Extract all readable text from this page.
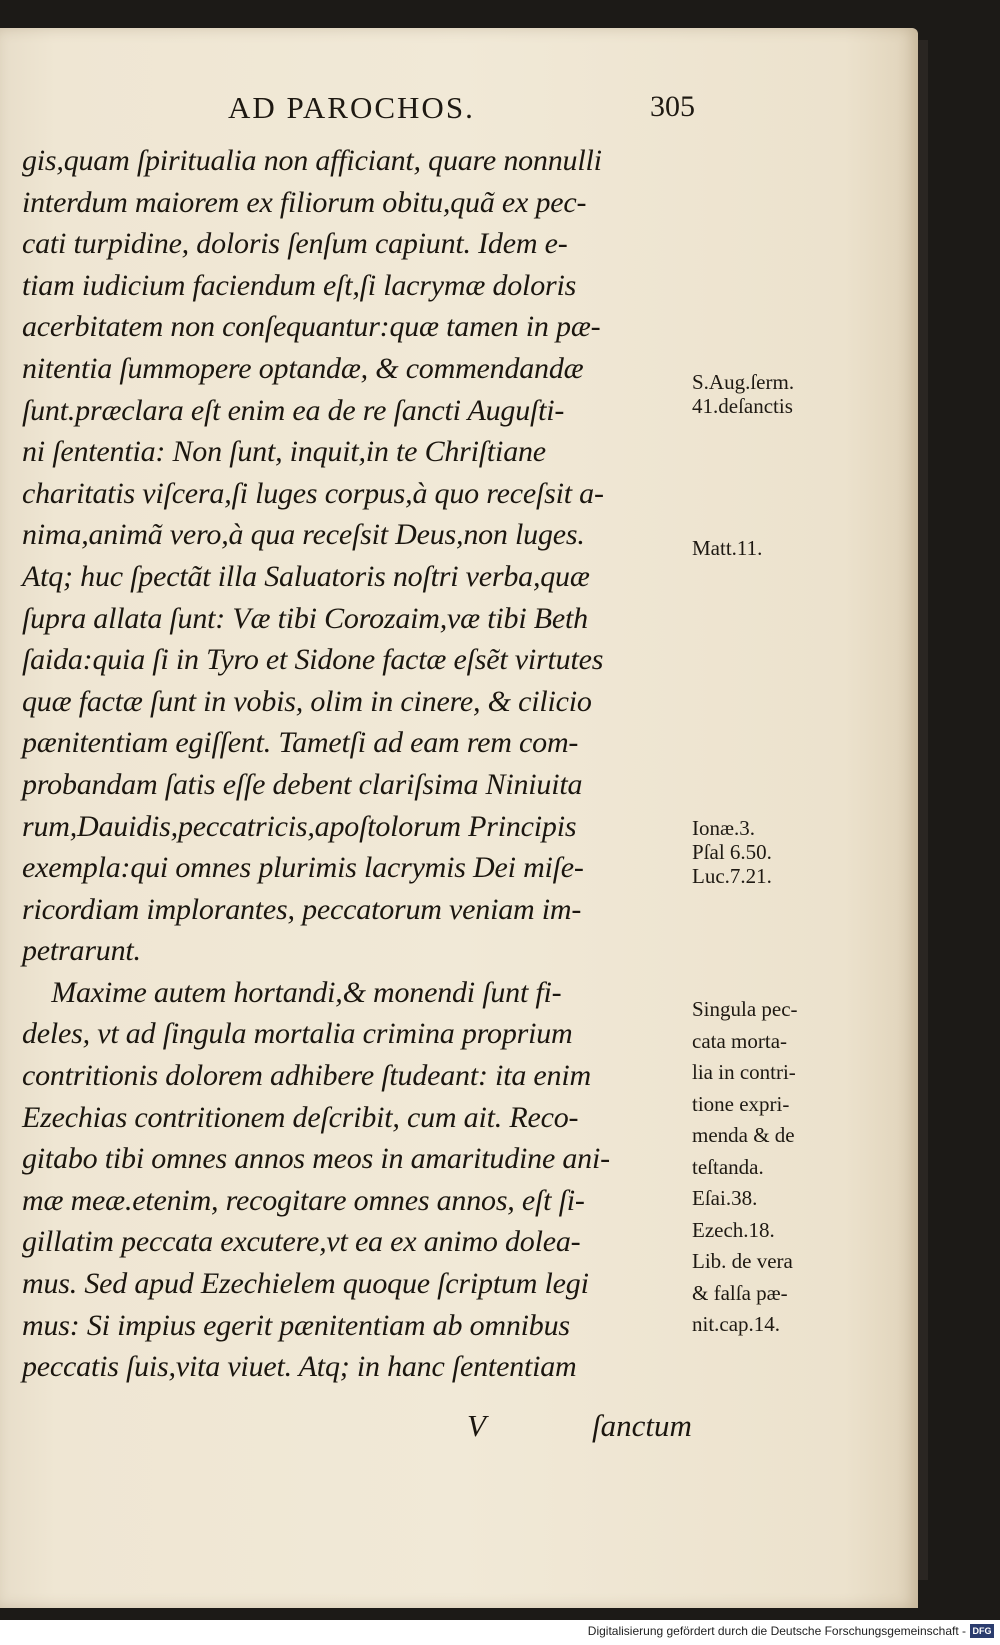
AD PAROCHOS.	305
gis,quam ſpiritualia non afficiant, quare nonnulli
interdum maiorem ex filiorum obitu,quã ex pec-
cati turpidine, doloris ſenſum capiunt. Idem e-
tiam iudicium faciendum eſt,ſi lacrymæ doloris
acerbitatem non conſequantur:quæ tamen in pæ-
nitentia ſummopere optandæ, & commendandæ
ſunt.præclara eſt enim ea de re ſancti Auguſti-
ni ſententia: Non ſunt, inquit,in te Chriſtiane
charitatis viſcera,ſi luges corpus,à quo receſsit a-
nima,animã vero,à qua receſsit Deus,non luges.
Atq; huc ſpectãt illa Saluatoris noſtri verba,quæ
ſupra allata ſunt: Væ tibi Corozaim,væ tibi Beth
ſaida:quia ſi in Tyro et Sidone factæ eſsẽt virtutes
quæ factæ ſunt in vobis, olim in cinere, & cilicio
pænitentiam egiſſent. Tametſi ad eam rem com-
probandam ſatis eſſe debent clariſsima Niniuita
rum,Dauidis,peccatricis,apoſtolorum Principis
exempla:qui omnes plurimis lacrymis Dei miſe-
ricordiam implorantes, peccatorum veniam im-
petrarunt.
Maxime autem hortandi,& monendi ſunt fi-
deles, vt ad ſingula mortalia crimina proprium
contritionis dolorem adhibere ſtudeant: ita enim
Ezechias contritionem deſcribit, cum ait. Reco-
gitabo tibi omnes annos meos in amaritudine ani-
mæ meæ.etenim, recogitare omnes annos, eſt ſi-
gillatim peccata excutere,vt ea ex animo dolea-
mus. Sed apud Ezechielem quoque ſcriptum legi
mus: Si impius egerit pænitentiam ab omnibus
peccatis ſuis,vita viuet. Atq; in hanc ſententiam
V	ſanctum
S.Aug.ſerm.
41.deſanctis
Matt.11.
Ionæ.3.
Pſal 6.50.
Luc.7.21.
Singula pec-
cata morta-
lia in contri-
tione expri-
menda & de
teſtanda.
Eſai.38.
Ezech.18.
Lib. de vera
& falſa pæ-
nit.cap.14.
Digitalisierung gefördert durch die Deutsche Forschungsgemeinschaft - DFG
